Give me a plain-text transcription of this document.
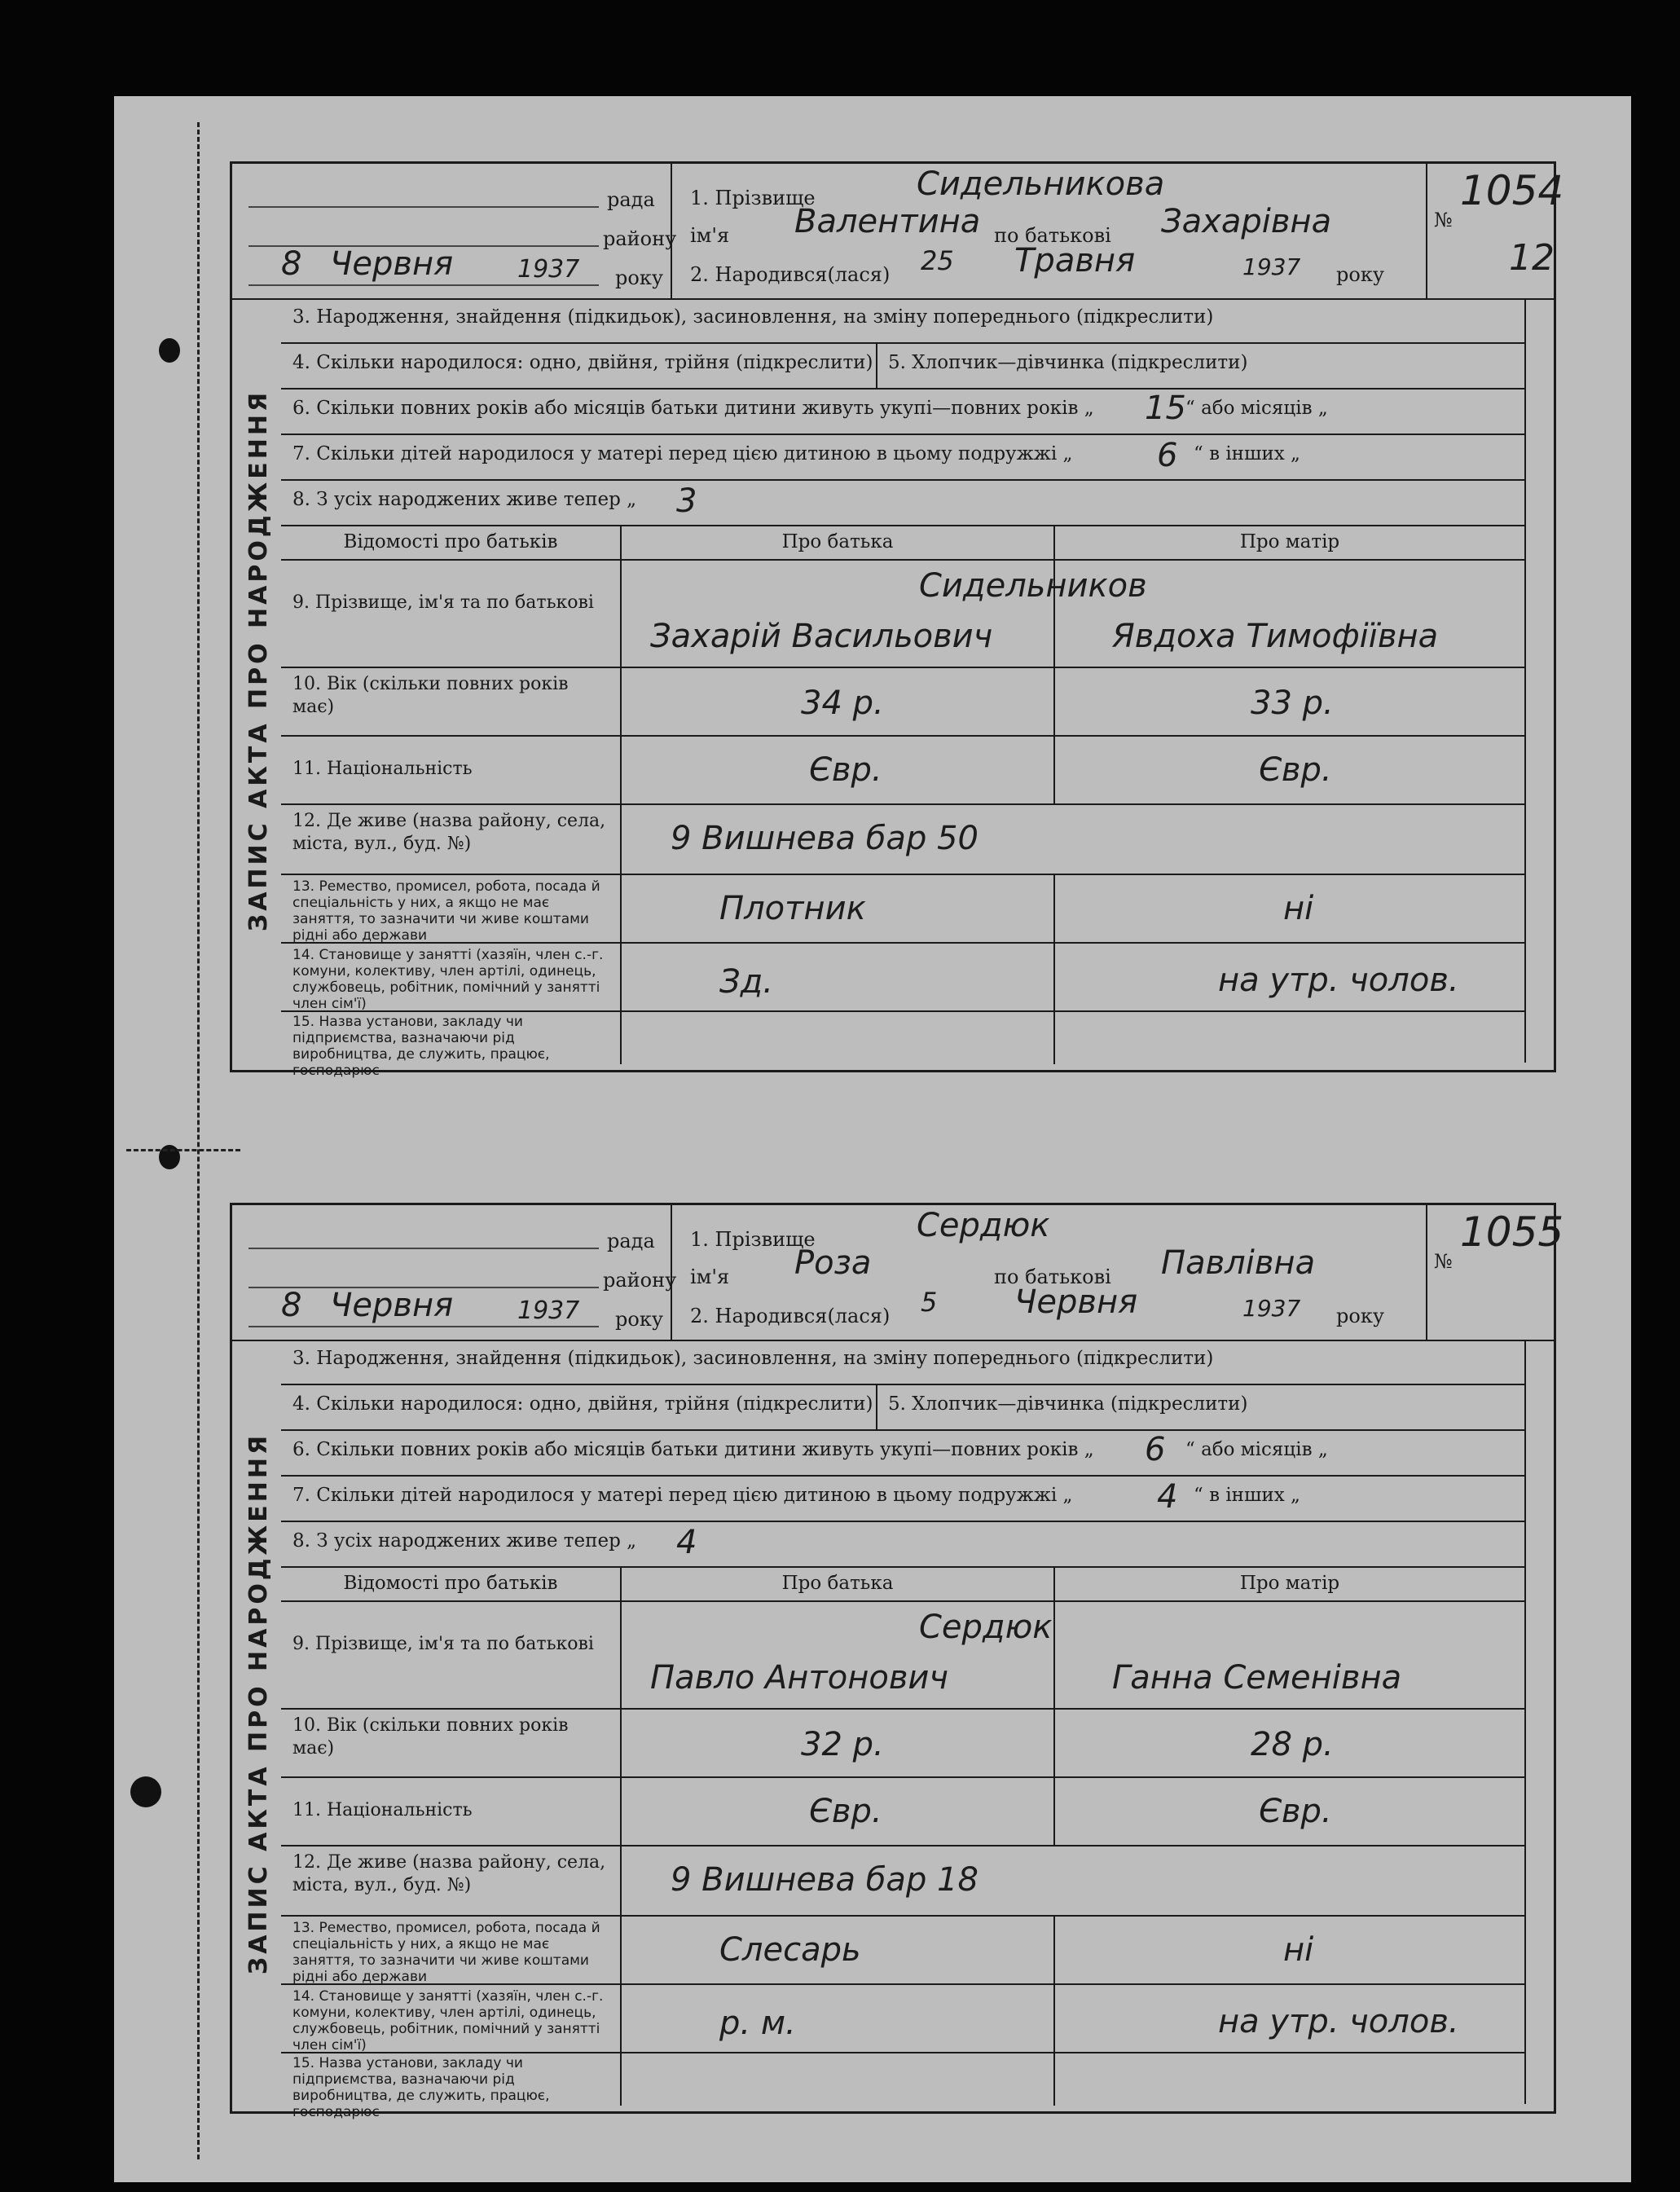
рада
району
8 Червня	1937 року
1. Прізвище	Сидельникова
ім'я Валентина по батькові Захарівна
2. Народився(лася) 25 Травня	1937 року
№
1054
12
3. Народження, знайдення (підкидьок), засиновлення, на зміну попереднього (підкреслити)
4. Скільки народилося: одно, двійня, трійня (підкреслити) 5. Хлопчик—дівчинка (підкреслити)
6. Скільки повних років або місяців батьки дитини живуть укупі—повних років „ 15 “ або місяців „
7. Скільки дітей народилося у матері перед цією дитиною в цьому подружжі „	6 “ в інших „
8. З усіх народжених живе тепер „ 3
Відомості про батьків	Про батька	Про матір
9. Прізвище, ім'я та по батькові	Сидельников
Захарій Васильович	Явдоха Тимофіївна
10. Вік (скільки повних років має)	34 р.	33 р.
11. Національність	Євр.	Євр.
12. Де живе (назва району, села, міста, вул., буд. №)	9 Вишнева бар 50
13. Ремество, промисел, робота, посада й спеціальність у них, а якщо не має заняття, то зазначити чи живе коштами рідні або держави
Плотник	ні
14. Становище у занятті (хазяїн, член с.-г. комуни, колективу, член артілі, одинець, службовець, робітник, помічний у занятті член сім'ї)
Зд.	на утр. чолов.
15. Назва установи, закладу чи підприємства, вазначаючи рід виробництва, де служить, працює, господарює
ЗАПИС АКТА ПРО НАРОДЖЕННЯ
рада
району
8 Червня	1937 року
1. Прізвище	Сердюк
ім'я Роза	по батькові Павлівна
2. Народився(лася) 5 Червня	1937 року
№
1055
3. Народження, знайдення (підкидьок), засиновлення, на зміну попереднього (підкреслити)
4. Скільки народилося: одно, двійня, трійня (підкреслити) 5. Хлопчик—дівчинка (підкреслити)
6. Скільки повних років або місяців батьки дитини живуть укупі—повних років „ 6 “ або місяців „
7. Скільки дітей народилося у матері перед цією дитиною в цьому подружжі „	4 “ в інших „
8. З усіх народжених живе тепер „ 4
Відомості про батьків	Про батька	Про матір
9. Прізвище, ім'я та по батькові	Сердюк
Павло Антонович	Ганна Семенівна
10. Вік (скільки повних років має)	32 р.	28 р.
11. Національність	Євр.	Євр.
12. Де живе (назва району, села, міста, вул., буд. №)	9 Вишнева бар 18
13. Ремество, промисел, робота, посада й спеціальність у них, а якщо не має заняття, то зазначити чи живе коштами рідні або держави
Слесарь	ні
14. Становище у занятті (хазяїн, член с.-г. комуни, колективу, член артілі, одинець, службовець, робітник, помічний у занятті член сім'ї)
р. м.	на утр. чолов.
15. Назва установи, закладу чи підприємства, вазначаючи рід виробництва, де служить, працює, господарює
ЗАПИС АКТА ПРО НАРОДЖЕННЯ
